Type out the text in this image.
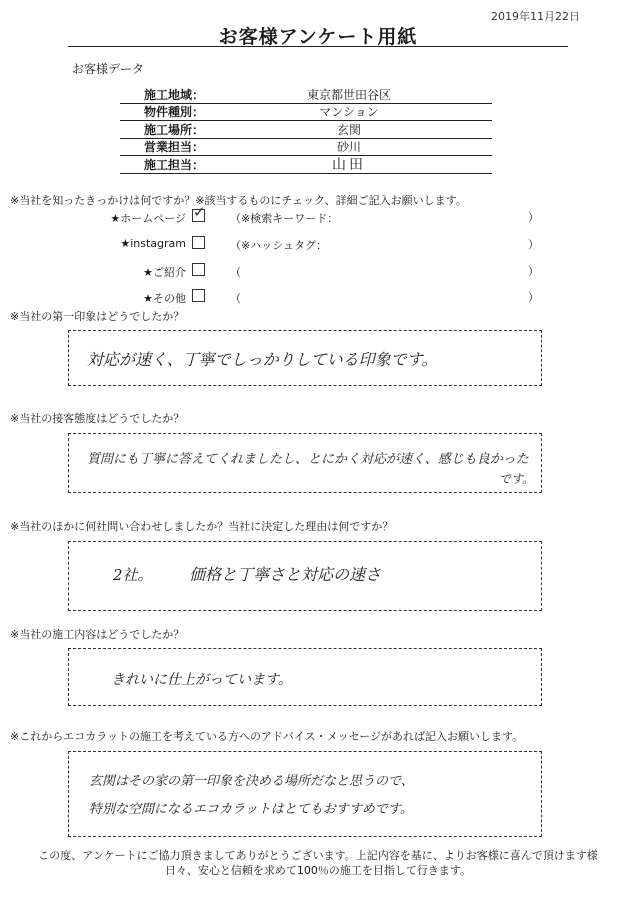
2019年11月22日
お客様アンケート用紙
お客様データ
施工地域：	東京都世田谷区
物件種別：	マンション
施工場所：	玄関
営業担当：	砂川
施工担当：	山田
※当社を知ったきっかけは何ですか？※該当するものにチェック、詳細ご記入お願いします。
★ホームページ ✓ （※検索キーワード：	）
★instagram	（※ハッシュタグ：	）
★ご紹介	（	）
★その他	（	）
※当社の第一印象はどうでしたか？
対応が速く、丁寧でしっかりしている印象です。
※当社の接客態度はどうでしたか？
質問にも丁寧に答えてくれましたし、とにかく対応が速く、感じも良かった
です。
※当社のほかに何社問い合わせしましたか？当社に決定した理由は何ですか？
2社。 価格と丁寧さと対応の速さ
※当社の施工内容はどうでしたか？
きれいに仕上がっています。
※これからエコカラットの施工を考えている方へのアドバイス・メッセージがあれば記入お願いします。
玄関はその家の第一印象を決める場所だなと思うので、
特別な空間になるエコカラットはとてもおすすめです。
この度、アンケートにご協力頂きましてありがとうございます。上記内容を基に、よりお客様に喜んで頂けます様
日々、安心と信頼を求めて100％の施工を目指して行きます。
